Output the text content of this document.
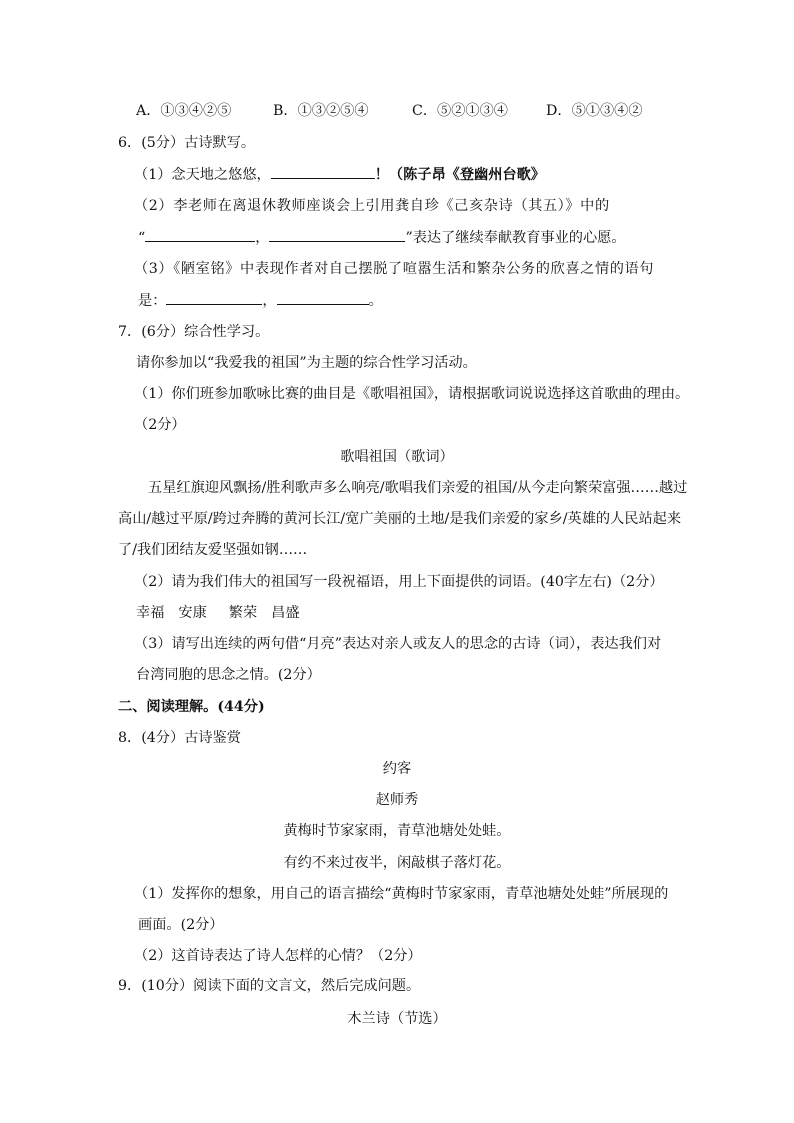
A．①③④②⑤	B．①③②⑤④	C．⑤②①③④	D．⑤①③④②
6．(5分）古诗默写。
（1）念天地之悠悠，	！（陈子昂《登幽州台歌》
（2）李老师在离退休教师座谈会上引用龚自珍《己亥杂诗（其五）》中的
“	，	”表达了继续奉献教育事业的心愿。
（3）《陋室铭》中表现作者对自己摆脱了喧嚣生活和繁杂公务的欣喜之情的语句
是：	，	。
7．(6分）综合性学习。
请你参加以“我爱我的祖国”为主题的综合性学习活动。
（1）你们班参加歌咏比赛的曲目是《歌唱祖国》，请根据歌词说说选择这首歌曲的理由。
（2分）
歌唱祖国（歌词）
五星红旗迎风飘扬/胜利歌声多么响亮/歌唱我们亲爱的祖国/从今走向繁荣富强……越过
高山/越过平原/跨过奔腾的黄河长江/宽广美丽的土地/是我们亲爱的家乡/英雄的人民站起来
了/我们团结友爱坚强如钢……
（2）请为我们伟大的祖国写一段祝福语，用上下面提供的词语。(40字左右)（2分）
幸福 安康 繁荣 昌盛
（3）请写出连续的两句借“月亮”表达对亲人或友人的思念的古诗（词），表达我们对
台湾同胞的思念之情。(2分）
二、阅读理解。(44分)
8．(4分）古诗鉴赏
约客
赵师秀
黄梅时节家家雨，青草池塘处处蛙。
有约不来过夜半，闲敲棋子落灯花。
（1）发挥你的想象，用自己的语言描绘“黄梅时节家家雨，青草池塘处处蛙”所展现的
画面。(2分）
（2）这首诗表达了诗人怎样的心情？（2分）
9．(10分）阅读下面的文言文，然后完成问题。
木兰诗（节选）
